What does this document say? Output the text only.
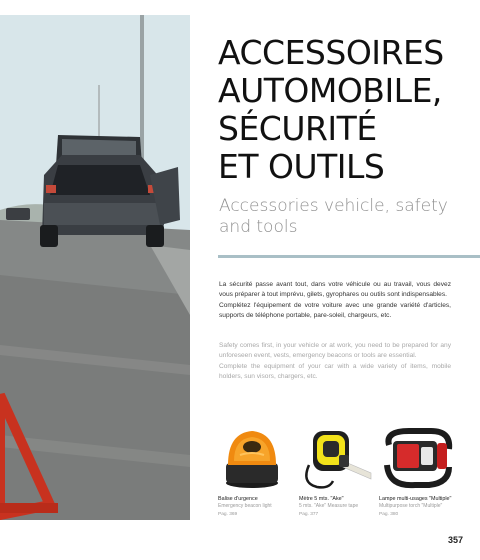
ACCESSOIRES
AUTOMOBILE,
SÉCURITÉ
ET OUTILS

Accessories vehicle, safety and tools

La sécurité passe avant tout, dans votre véhicule ou au travail, vous devez vous préparer à tout imprévu, gilets, gyrophares ou outils sont indispensables.

Complétez l'équipement de votre voiture avec une grande variété d'articles, supports de téléphone portable, pare-soleil, chargeurs, etc.

Safety comes first, in your vehicle or at work, you need to be prepared for any unforeseen event, vests, emergency beacons or tools are essential.

Complete the equipment of your car with a wide variety of items, mobile holders, sun visors, chargers, etc.

Balise d'urgence
Emergency beacon light
Pag. 369
Mètre 5 mts. "Ake"
5 mts. "Ake" Measure tape
Pag. 377
Lampe multi-usages "Multiple"
Multipurpose torch "Multiple"
Pag. 380
357
